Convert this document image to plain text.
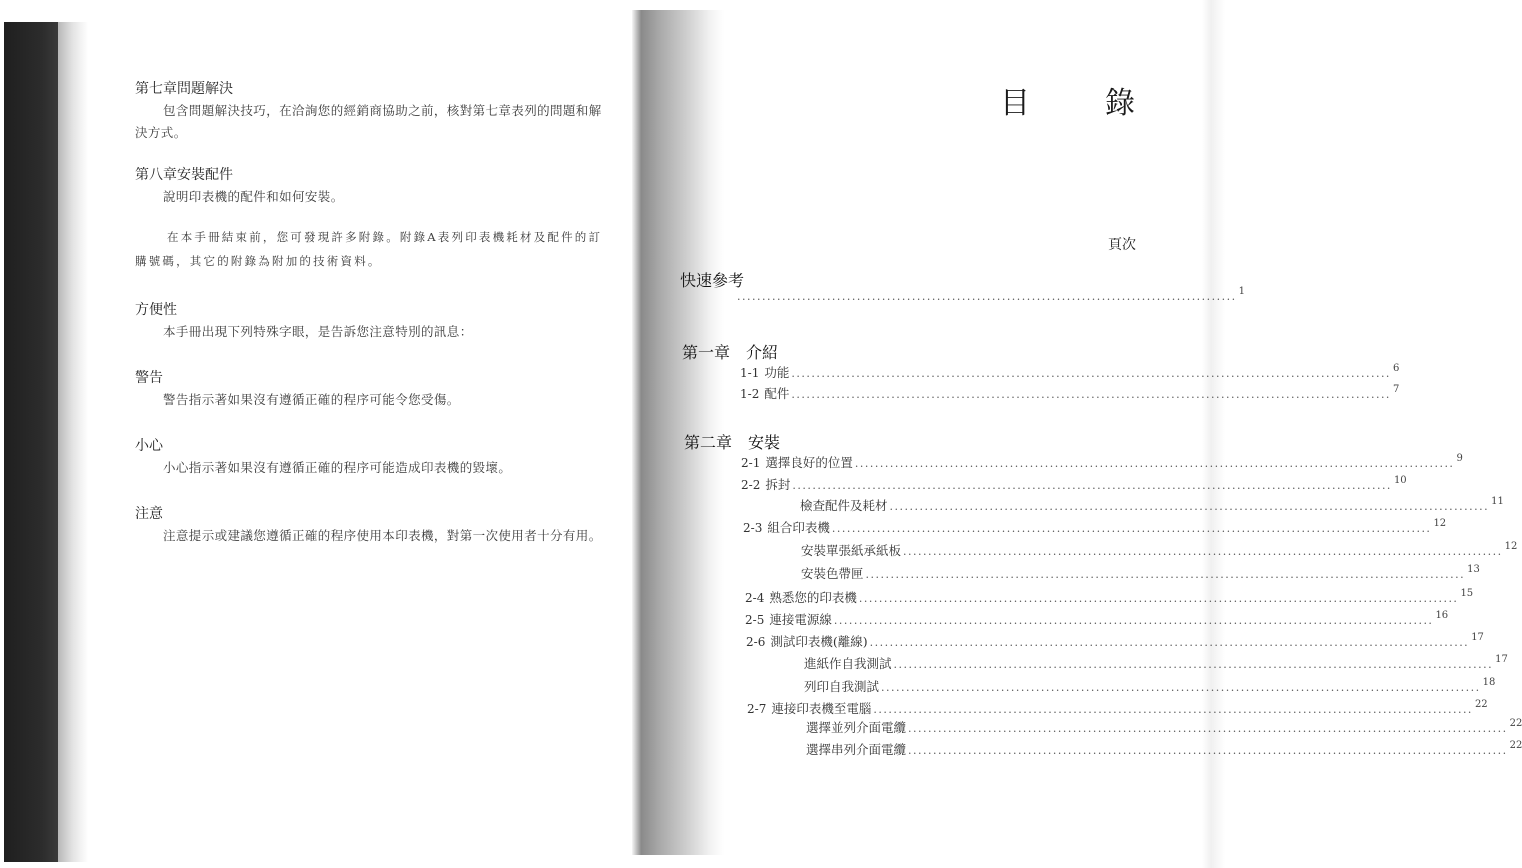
第七章問題解決
包含問題解決技巧，在洽詢您的經銷商協助之前，核對第七章表列的問題和解決方式。
第八章安裝配件
說明印表機的配件和如何安裝。
在本手冊結束前，您可發現許多附錄。附錄A表列印表機耗材及配件的訂購號碼，其它的附錄為附加的技術資料。
方便性
本手冊出現下列特殊字眼，是告訴您注意特別的訊息：
警告
警告指示著如果沒有遵循正確的程序可能令您受傷。
小心
小心指示著如果沒有遵循正確的程序可能造成印表機的毀壞。
注意
注意提示或建議您遵循正確的程序使用本印表機，對第一次使用者十分有用。
目	錄
頁次
快速參考
.................................................................................................... 1
第一章　介紹
1-1 功能 ........................................................................................................................ 6
1-2 配件 ........................................................................................................................ 7
第二章　安裝
2-1 選擇良好的位置 ........................................................................................................................ 9
2-2 拆封 ........................................................................................................................ 10
檢查配件及耗材 ........................................................................................................................ 11
2-3 組合印表機 ........................................................................................................................ 12
安裝單張紙承紙板 ........................................................................................................................ 12
安裝色帶匣 ........................................................................................................................ 13
2-4 熟悉您的印表機 ........................................................................................................................ 15
2-5 連接電源線 ........................................................................................................................ 16
2-6 測試印表機(離線) ........................................................................................................................ 17
進紙作自我測試 ........................................................................................................................ 17
列印自我測試 ........................................................................................................................ 18
2-7 連接印表機至電腦 ........................................................................................................................ 22
選擇並列介面電纜 ........................................................................................................................ 22
選擇串列介面電纜 ........................................................................................................................ 22
